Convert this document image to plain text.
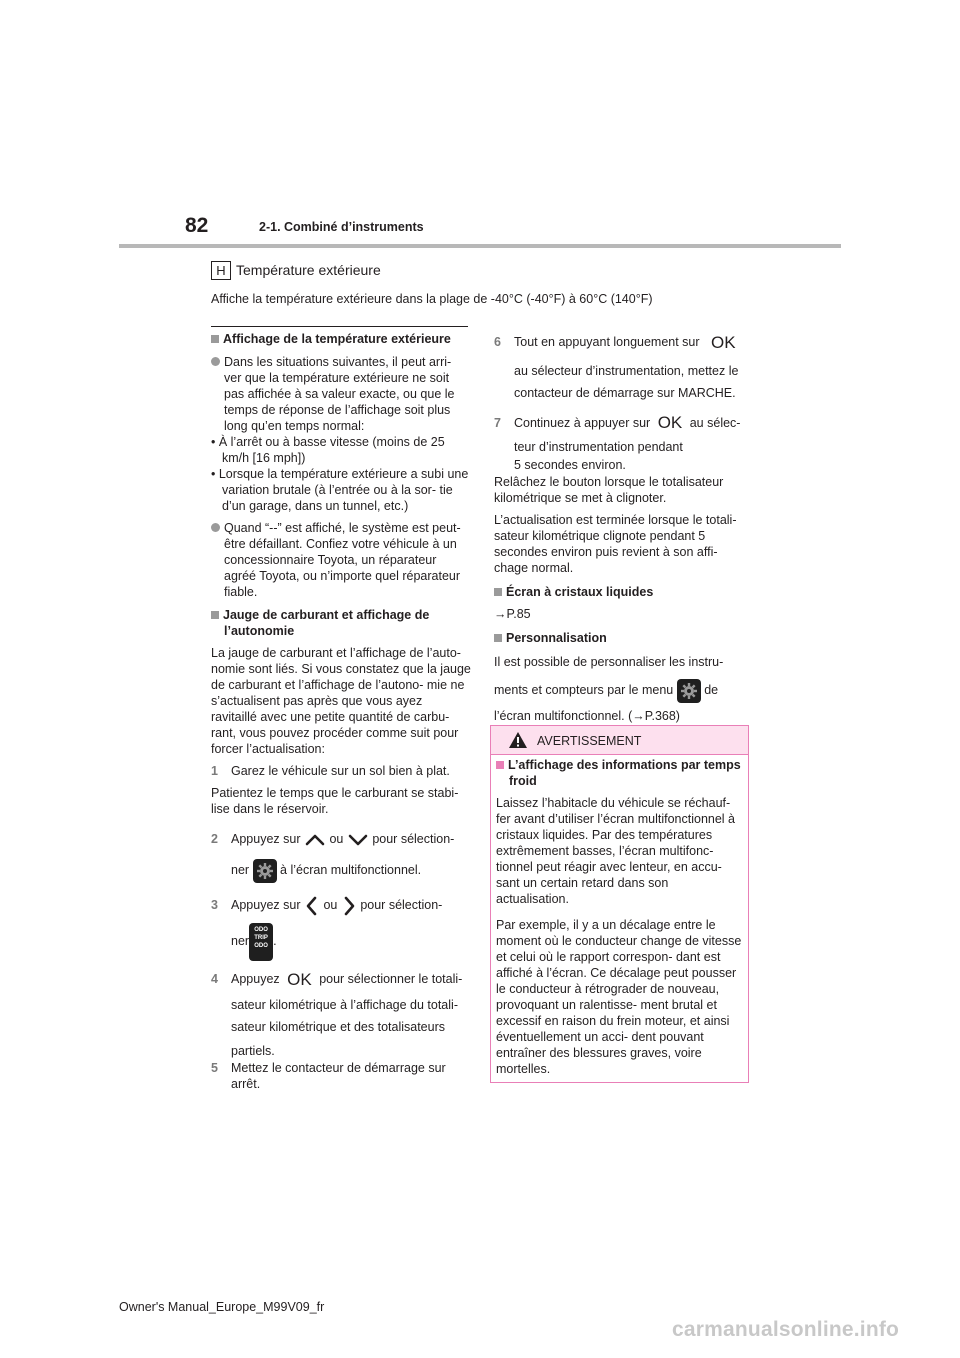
82	2-1. Combiné d’instruments
H Température extérieure
Affiche la température extérieure dans la plage de -40°C (-40°F) à 60°C (140°F)
Affichage de la température extérieure
Dans les situations suivantes, il peut arri- ver que la température extérieure ne soit pas affichée à sa valeur exacte, ou que le temps de réponse de l’affichage soit plus long qu’en temps normal:
• À l’arrêt ou à basse vitesse (moins de 25 km/h [16 mph])
• Lorsque la température extérieure a subi une variation brutale (à l’entrée ou à la sor- tie d’un garage, dans un tunnel, etc.)
Quand “--” est affiché, le système est peut- être défaillant. Confiez votre véhicule à un concessionnaire Toyota, un réparateur agréé Toyota, ou n’importe quel réparateur fiable.
Jauge de carburant et affichage de l’autonomie
La jauge de carburant et l’affichage de l’auto- nomie sont liés. Si vous constatez que la jauge de carburant et l’affichage de l’autono- mie ne s’actualisent pas après que vous ayez ravitaillé avec une petite quantité de carbu- rant, vous pouvez procéder comme suit pour forcer l’actualisation:
1 Garez le véhicule sur un sol bien à plat.
Patientez le temps que le carburant se stabi- lise dans le réservoir.
2 Appuyez sur ou pour sélection-
ner à l’écran multifonctionnel.
3 Appuyez sur ou pour sélection-
ner
ODO
TRIP
ODO .
4 Appuyez OK pour sélectionner le totali-
sateur kilométrique à l’affichage du totali-
sateur kilométrique et des totalisateurs
partiels.
5 Mettez le contacteur de démarrage sur arrêt.
6 Tout en appuyant longuement sur OK
au sélecteur d’instrumentation, mettez le
contacteur de démarrage sur MARCHE.
7 Continuez à appuyer sur OK au sélec-
teur d’instrumentation pendant
5 secondes environ.
Relâchez le bouton lorsque le totalisateur kilométrique se met à clignoter.
L’actualisation est terminée lorsque le totali- sateur kilométrique clignote pendant 5 secondes environ puis revient à son affi- chage normal.
Écran à cristaux liquides
→P.85
Personnalisation
Il est possible de personnaliser les instru-
ments et compteurs par le menu de
l’écran multifonctionnel. (→P.368)
AVERTISSEMENT
L’affichage des informations par temps froid
Laissez l’habitacle du véhicule se réchauf- fer avant d’utiliser l’écran multifonctionnel à cristaux liquides. Par des températures extrêmement basses, l’écran multifonc- tionnel peut réagir avec lenteur, en accu- sant un certain retard dans son actualisation.
Par exemple, il y a un décalage entre le moment où le conducteur change de vitesse et celui où le rapport correspon- dant est affiché à l’écran. Ce décalage peut pousser le conducteur à rétrograder de nouveau, provoquant un ralentisse- ment brutal et excessif en raison du frein moteur, et ainsi éventuellement un acci- dent pouvant entraîner des blessures graves, voire mortelles.
Owner's Manual_Europe_M99V09_fr
carmanualsonline.info
